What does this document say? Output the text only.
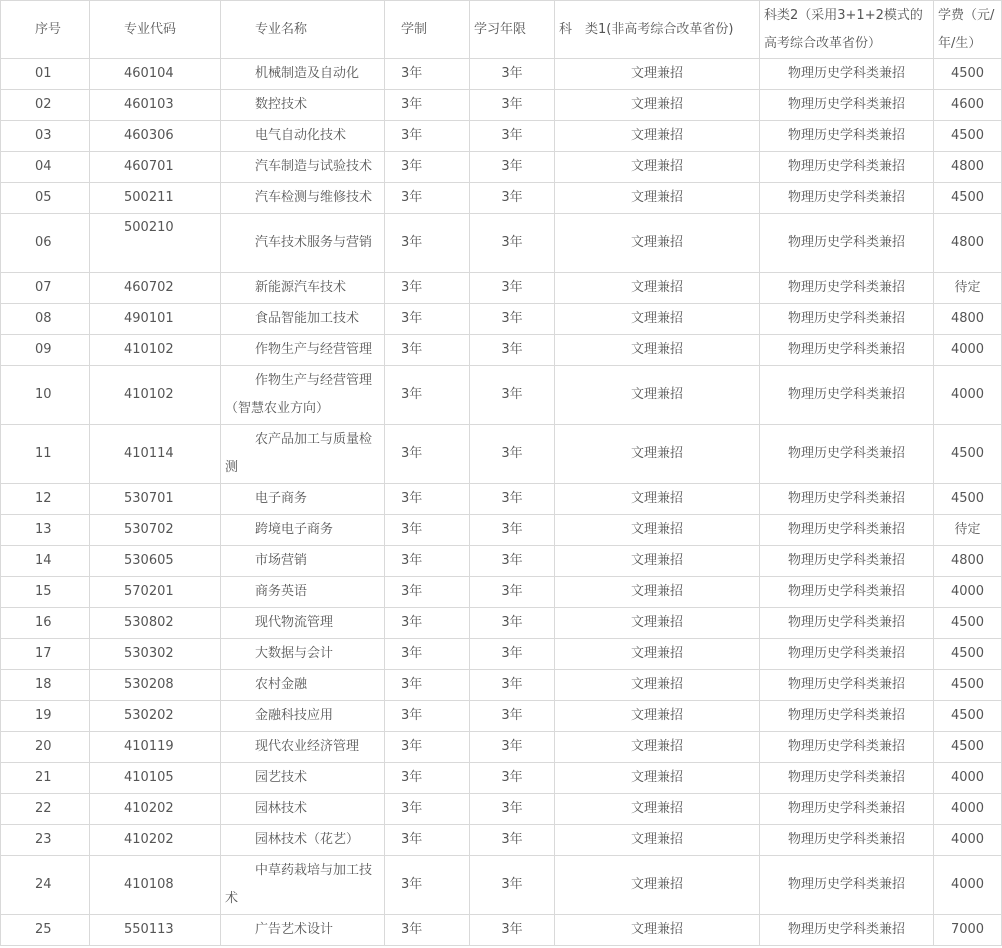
序号	专业代码	专业名称	学制	学习年限	科　类1(非高考综合改革省份)	科类2（采用3+1+2模式的高考综合改革省份）	学费（元/年/生）
01	460104	机械制造及自动化	3年	3年	文理兼招	物理历史学科类兼招	4500
02	460103	数控技术	3年	3年	文理兼招	物理历史学科类兼招	4600
03	460306	电气自动化技术	3年	3年	文理兼招	物理历史学科类兼招	4500
04	460701	汽车制造与试验技术	3年	3年	文理兼招	物理历史学科类兼招	4800
05	500211	汽车检测与维修技术	3年	3年	文理兼招	物理历史学科类兼招	4500
06	500210	汽车技术服务与营销	3年	3年	文理兼招	物理历史学科类兼招	4800
07	460702	新能源汽车技术	3年	3年	文理兼招	物理历史学科类兼招	待定
08	490101	食品智能加工技术	3年	3年	文理兼招	物理历史学科类兼招	4800
09	410102	作物生产与经营管理	3年	3年	文理兼招	物理历史学科类兼招	4000
10	410102	作物生产与经营管理（智慧农业方向）	3年	3年	文理兼招	物理历史学科类兼招	4000
11	410114	农产品加工与质量检测	3年	3年	文理兼招	物理历史学科类兼招	4500
12	530701	电子商务	3年	3年	文理兼招	物理历史学科类兼招	4500
13	530702	跨境电子商务	3年	3年	文理兼招	物理历史学科类兼招	待定
14	530605	市场营销	3年	3年	文理兼招	物理历史学科类兼招	4800
15	570201	商务英语	3年	3年	文理兼招	物理历史学科类兼招	4000
16	530802	现代物流管理	3年	3年	文理兼招	物理历史学科类兼招	4500
17	530302	大数据与会计	3年	3年	文理兼招	物理历史学科类兼招	4500
18	530208	农村金融	3年	3年	文理兼招	物理历史学科类兼招	4500
19	530202	金融科技应用	3年	3年	文理兼招	物理历史学科类兼招	4500
20	410119	现代农业经济管理	3年	3年	文理兼招	物理历史学科类兼招	4500
21	410105	园艺技术	3年	3年	文理兼招	物理历史学科类兼招	4000
22	410202	园林技术	3年	3年	文理兼招	物理历史学科类兼招	4000
23	410202	园林技术（花艺）	3年	3年	文理兼招	物理历史学科类兼招	4000
24	410108	中草药栽培与加工技术	3年	3年	文理兼招	物理历史学科类兼招	4000
25	550113	广告艺术设计	3年	3年	文理兼招	物理历史学科类兼招	7000
